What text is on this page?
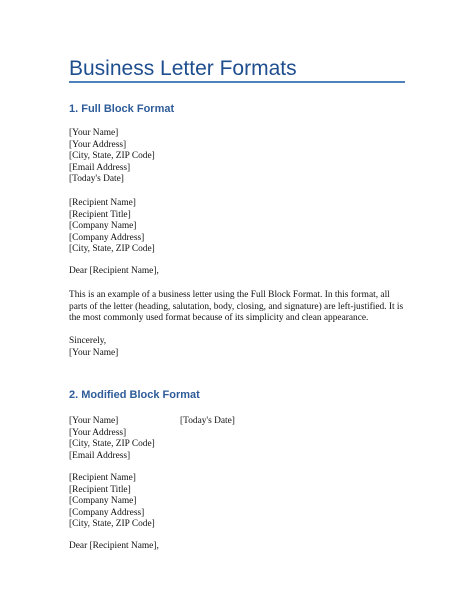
Business Letter Formats
1. Full Block Format
[Your Name]
[Your Address]
[City, State, ZIP Code]
[Email Address]
[Today's Date]
[Recipient Name]
[Recipient Title]
[Company Name]
[Company Address]
[City, State, ZIP Code]
Dear [Recipient Name],
This is an example of a business letter using the Full Block Format. In this format, all parts of the letter (heading, salutation, body, closing, and signature) are left-justified. It is the most commonly used format because of its simplicity and clean appearance.
Sincerely,
[Your Name]
2. Modified Block Format
[Your Name]
[Your Address]
[City, State, ZIP Code]
[Email Address]
[Today's Date]
[Recipient Name]
[Recipient Title]
[Company Name]
[Company Address]
[City, State, ZIP Code]
Dear [Recipient Name],
